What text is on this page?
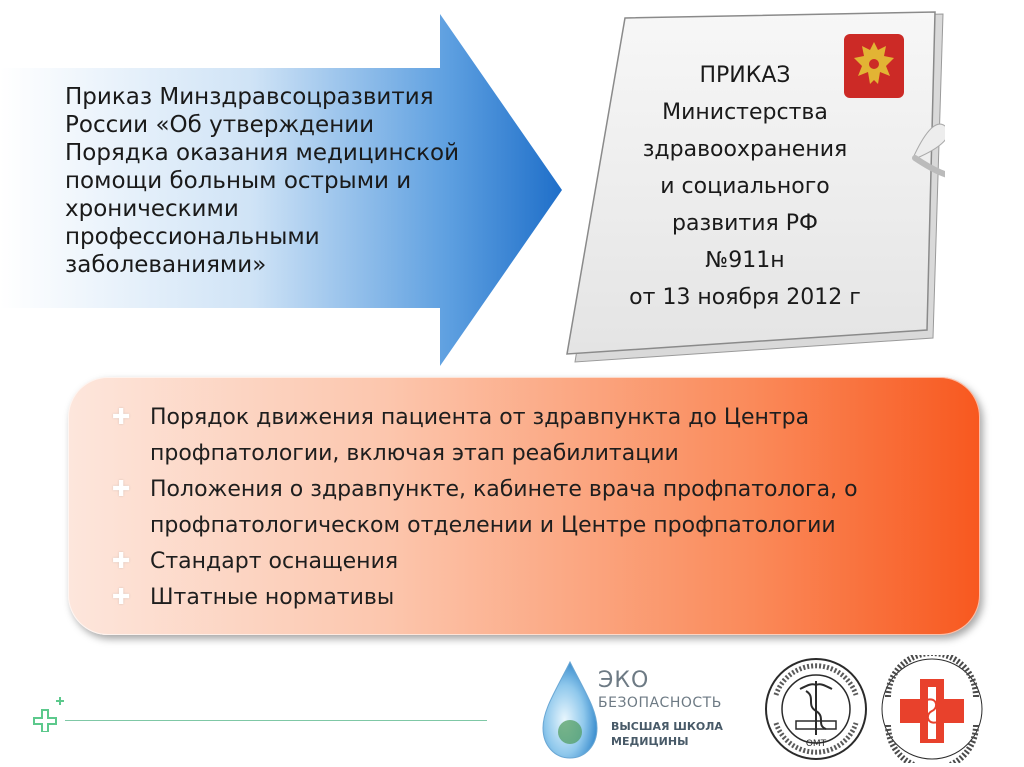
Приказ Минздравсоцразвития
России «Об утверждении
Порядка оказания медицинской
помощи больным острыми и
хроническими
профессиональными
заболеваниями»
ПРИКАЗ
Министерства
здравоохранения
и социального
развития РФ
№911н
от 13 ноября 2012 г
✚ Порядок движения пациента от здравпункта до Центра
профпатологии, включая этап реабилитации
✚ Положения о здравпункте, кабинете врача профпатолога, о
профпатологическом отделении и Центре профпатологии
✚ Стандарт оснащения
✚ Штатные нормативы
ЭКО
БЕЗОПАСНОСТЬ
ВЫСШАЯ ШКОЛА
МЕДИЦИНЫ	ОМТ
